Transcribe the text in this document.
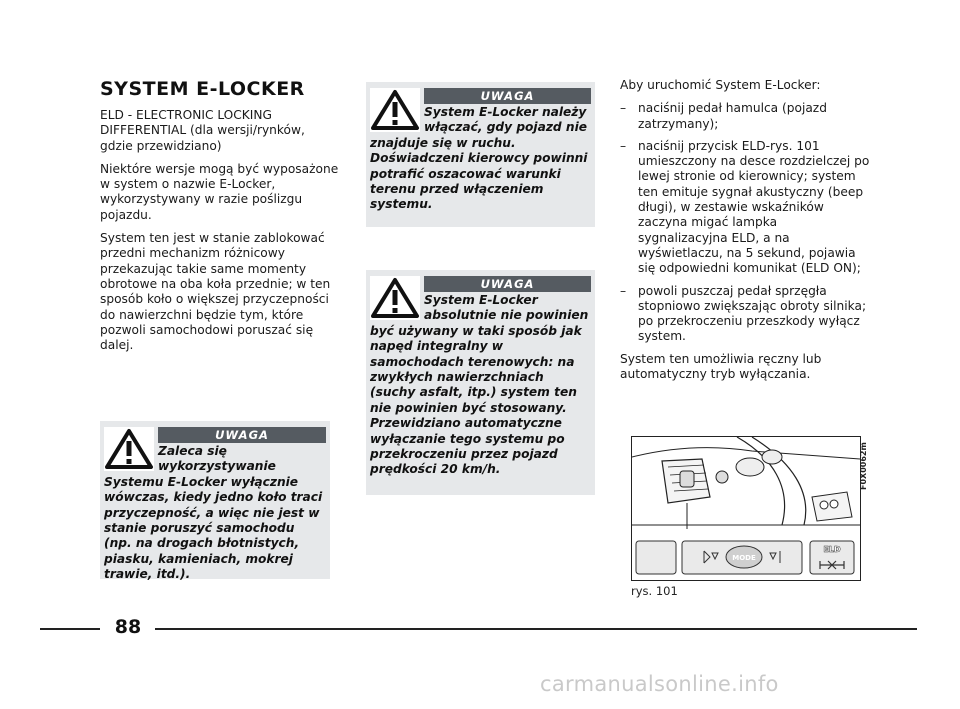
SYSTEM E-LOCKER
ELD - ELECTRONIC LOCKING DIFFERENTIAL (dla wersji/rynków, gdzie przewidziano)
Niektóre wersje mogą być wyposażone w system o nazwie E-Locker, wykorzystywany w razie poślizgu pojazdu.
System ten jest w stanie zablokować przedni mechanizm różnicowy przekazując takie same momenty obrotowe na oba koła przednie; w ten sposób koło o większej przyczepności do nawierzchni będzie tym, które pozwoli samochodowi poruszać się dalej.
UWAGA
System E-Locker należy włączać, gdy pojazd nie
znajduje się w ruchu. Doświadczeni kierowcy powinni potrafić oszacować warunki terenu przed włączeniem systemu.
UWAGA
System E-Locker absolutnie nie powinien
być używany w taki sposób jak napęd integralny w samochodach terenowych: na zwykłych nawierzchniach (suchy asfalt, itp.) system ten nie powinien być stosowany. Przewidziano automatyczne wyłączanie tego systemu po przekroczeniu przez pojazd prędkości 20 km/h.
UWAGA
Zaleca się wykorzystywanie
Systemu E-Locker wyłącznie wówczas, kiedy jedno koło traci przyczepność, a więc nie jest w stanie poruszyć samochodu (np. na drogach błotnistych, piasku, kamieniach, mokrej trawie, itd.).
Aby uruchomić System E-Locker:
– naciśnij pedał hamulca (pojazd zatrzymany);
– naciśnij przycisk ELD-rys. 101 umieszczony na desce rozdzielczej po lewej stronie od kierownicy; system ten emituje sygnał akustyczny (beep długi), w zestawie wskaźników zaczyna migać lampka sygnalizacyjna ELD, a na wyświetlaczu, na 5 sekund, pojawia się odpowiedni komunikat (ELD ON);
– powoli puszczaj pedał sprzęgła stopniowo zwiększając obroty silnika; po przekroczeniu przeszkody wyłącz system.
System ten umożliwia ręczny lub automatyczny tryb wyłączania.
MODE
ELD
F0X0062m
rys. 101
88
carmanualsonline.info
